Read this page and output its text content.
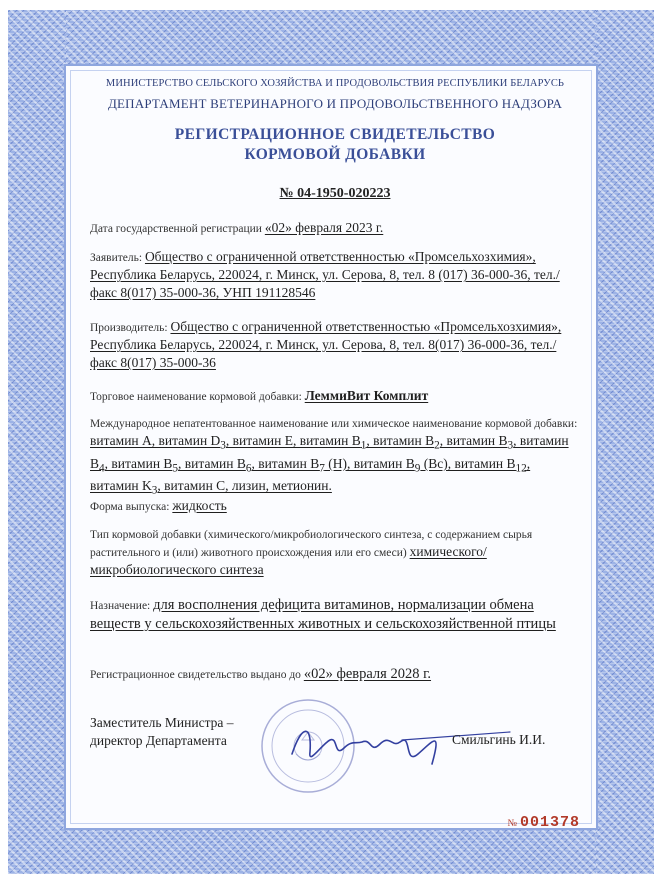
МИНИСТЕРСТВО СЕЛЬСКОГО ХОЗЯЙСТВА И ПРОДОВОЛЬСТВИЯ РЕСПУБЛИКИ БЕЛАРУСЬ
ДЕПАРТАМЕНТ ВЕТЕРИНАРНОГО И ПРОДОВОЛЬСТВЕННОГО НАДЗОРА
РЕГИСТРАЦИОННОЕ СВИДЕТЕЛЬСТВО
КОРМОВОЙ ДОБАВКИ
№ 04-1950-020223
Дата государственной регистрации «02» февраля 2023 г.
Заявитель: Общество с ограниченной ответственностью «Промсельхозхимия», Республика Беларусь, 220024, г. Минск, ул. Серова, 8, тел. 8 (017) 36-000-36, тел./факс 8(017) 35-000-36, УНП 191128546
Производитель: Общество с ограниченной ответственностью «Промсельхозхимия», Республика Беларусь, 220024, г. Минск, ул. Серова, 8, тел. 8(017) 36-000-36, тел./факс 8(017) 35-000-36
Торговое наименование кормовой добавки: ЛеммиВит Комплит
Международное непатентованное наименование или химическое наименование кормовой добавки: витамин A, витамин $D_3$, витамин E, витамин $B_1$, витамин $B_2$, витамин $B_3$, витамин $B_4$, витамин $B_5$, витамин $B_6$, витамин $B_7$ (H), витамин $B_9$ (Bc), витамин $B_{12}$, витамин $K_3$, витамин C, лизин, метионин.
Форма выпуска: жидкость
Тип кормовой добавки (химического/микробиологического синтеза, с содержанием сырья растительного и (или) животного происхождения или его смеси) химического/ микробиологического синтеза
Назначение: для восполнения дефицита витаминов, нормализации обмена веществ у сельскохозяйственных животных и сельскохозяйственной птицы
Регистрационное свидетельство выдано до «02» февраля 2028 г.
Заместитель Министра –
директор Департамента	Смильгинь И.И.
№ 001378
